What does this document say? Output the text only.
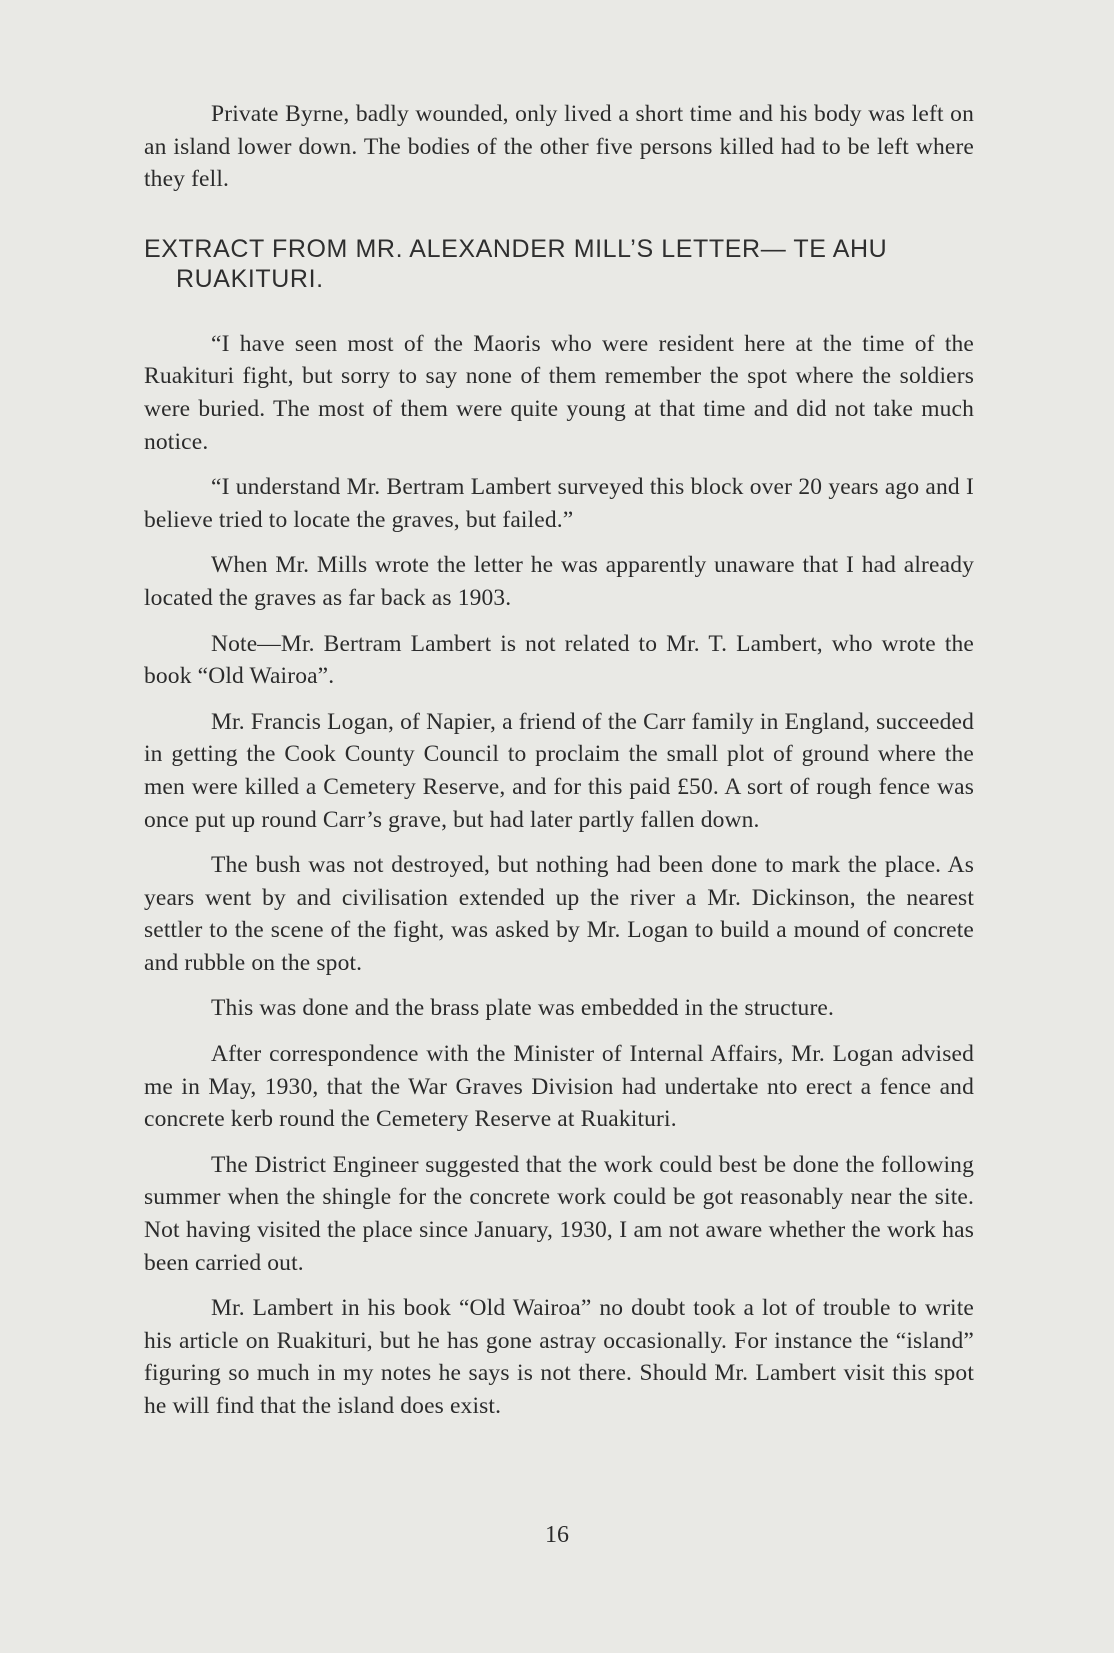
Private Byrne, badly wounded, only lived a short time and his body was left on an island lower down. The bodies of the other five persons killed had to be left where they fell.

EXTRACT FROM MR. ALEXANDER MILL’S LETTER— TE AHU RUAKITURI.

“I have seen most of the Maoris who were resident here at the time of the Ruakituri fight, but sorry to say none of them remember the spot where the soldiers were buried. The most of them were quite young at that time and did not take much notice.

“I understand Mr. Bertram Lambert surveyed this block over 20 years ago and I believe tried to locate the graves, but failed.”

When Mr. Mills wrote the letter he was apparently unaware that I had already located the graves as far back as 1903.

Note—Mr. Bertram Lambert is not related to Mr. T. Lambert, who wrote the book “Old Wairoa”.

Mr. Francis Logan, of Napier, a friend of the Carr family in England, succeeded in getting the Cook County Council to proclaim the small plot of ground where the men were killed a Cemetery Reserve, and for this paid £50. A sort of rough fence was once put up round Carr’s grave, but had later partly fallen down.

The bush was not destroyed, but nothing had been done to mark the place. As years went by and civilisation extended up the river a Mr. Dickinson, the nearest settler to the scene of the fight, was asked by Mr. Logan to build a mound of concrete and rubble on the spot.

This was done and the brass plate was embedded in the structure.

After correspondence with the Minister of Internal Affairs, Mr. Logan advised me in May, 1930, that the War Graves Division had undertake nto erect a fence and concrete kerb round the Cemetery Reserve at Ruakituri.

The District Engineer suggested that the work could best be done the following summer when the shingle for the concrete work could be got reasonably near the site. Not having visited the place since January, 1930, I am not aware whether the work has been carried out.

Mr. Lambert in his book “Old Wairoa” no doubt took a lot of trouble to write his article on Ruakituri, but he has gone astray occasionally. For instance the “island” figuring so much in my notes he says is not there. Should Mr. Lambert visit this spot he will find that the island does exist.

16
